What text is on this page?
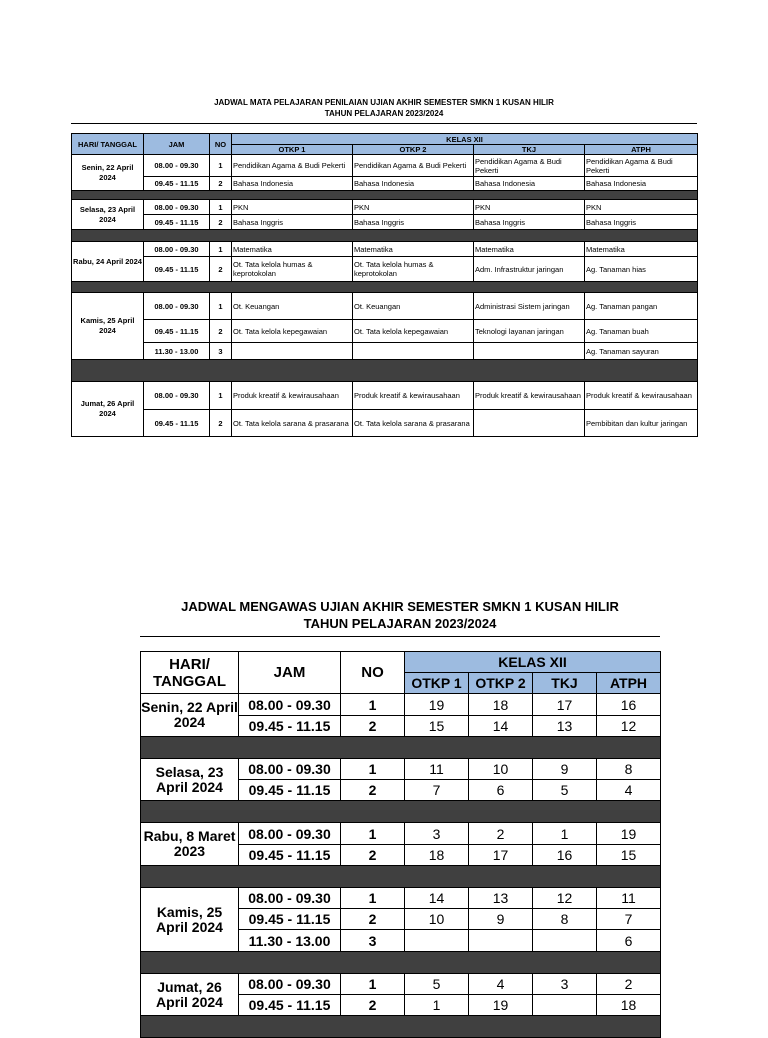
JADWAL MATA PELAJARAN PENILAIAN UJIAN AKHIR SEMESTER SMKN 1 KUSAN HILIR
TAHUN PELAJARAN 2023/2024
HARI/ TANGGAL	JAM	NO	KELAS XII			
			OTKP 1	OTKP 2	TKJ	ATPH
Senin, 22 April 2024	08.00 - 09.30	1	Pendidikan Agama & Budi Pekerti	Pendidikan Agama & Budi Pekerti	Pendidikan Agama & Budi Pekerti	Pendidikan Agama & Budi Pekerti
	09.45 - 11.15	2	Bahasa Indonesia	Bahasa Indonesia	Bahasa Indonesia	Bahasa Indonesia

Selasa, 23 April 2024	08.00 - 09.30	1	PKN	PKN	PKN	PKN
	09.45 - 11.15	2	Bahasa Inggris	Bahasa Inggris	Bahasa Inggris	Bahasa Inggris

Rabu, 24 April 2024	08.00 - 09.30	1	Matematika	Matematika	Matematika	Matematika
	09.45 - 11.15	2	Ot. Tata kelola humas & keprotokolan	Ot. Tata kelola humas & keprotokolan	Adm. Infrastruktur jaringan	Ag. Tanaman hias

Kamis, 25 April 2024	08.00 - 09.30	1	Ot. Keuangan	Ot. Keuangan	Administrasi Sistem jaringan	Ag. Tanaman pangan
	09.45 - 11.15	2	Ot. Tata kelola kepegawaian	Ot. Tata kelola kepegawaian	Teknologi layanan jaringan	Ag. Tanaman buah
	11.30 - 13.00	3				Ag. Tanaman sayuran

Jumat, 26 April 2024	08.00 - 09.30	1	Produk kreatif & kewirausahaan	Produk kreatif & kewirausahaan	Produk kreatif & kewirausahaan	Produk kreatif & kewirausahaan
	09.45 - 11.15	2	Ot. Tata kelola sarana & prasarana	Ot. Tata kelola sarana & prasarana		Pembibitan dan kultur jaringan
JADWAL MENGAWAS UJIAN AKHIR SEMESTER SMKN 1 KUSAN HILIR
TAHUN PELAJARAN 2023/2024
HARI/ TANGGAL	JAM	NO	KELAS XII			
			OTKP 1	OTKP 2	TKJ	ATPH
Senin, 22 April 2024	08.00 - 09.30	1	19	18	17	16
	09.45 - 11.15	2	15	14	13	12

Selasa, 23 April 2024	08.00 - 09.30	1	11	10	9	8
	09.45 - 11.15	2	7	6	5	4

Rabu, 8 Maret 2023	08.00 - 09.30	1	3	2	1	19
	09.45 - 11.15	2	18	17	16	15

Kamis, 25 April 2024	08.00 - 09.30	1	14	13	12	11
	09.45 - 11.15	2	10	9	8	7
	11.30 - 13.00	3				6

Jumat, 26 April 2024	08.00 - 09.30	1	5	4	3	2
	09.45 - 11.15	2	1	19		18
